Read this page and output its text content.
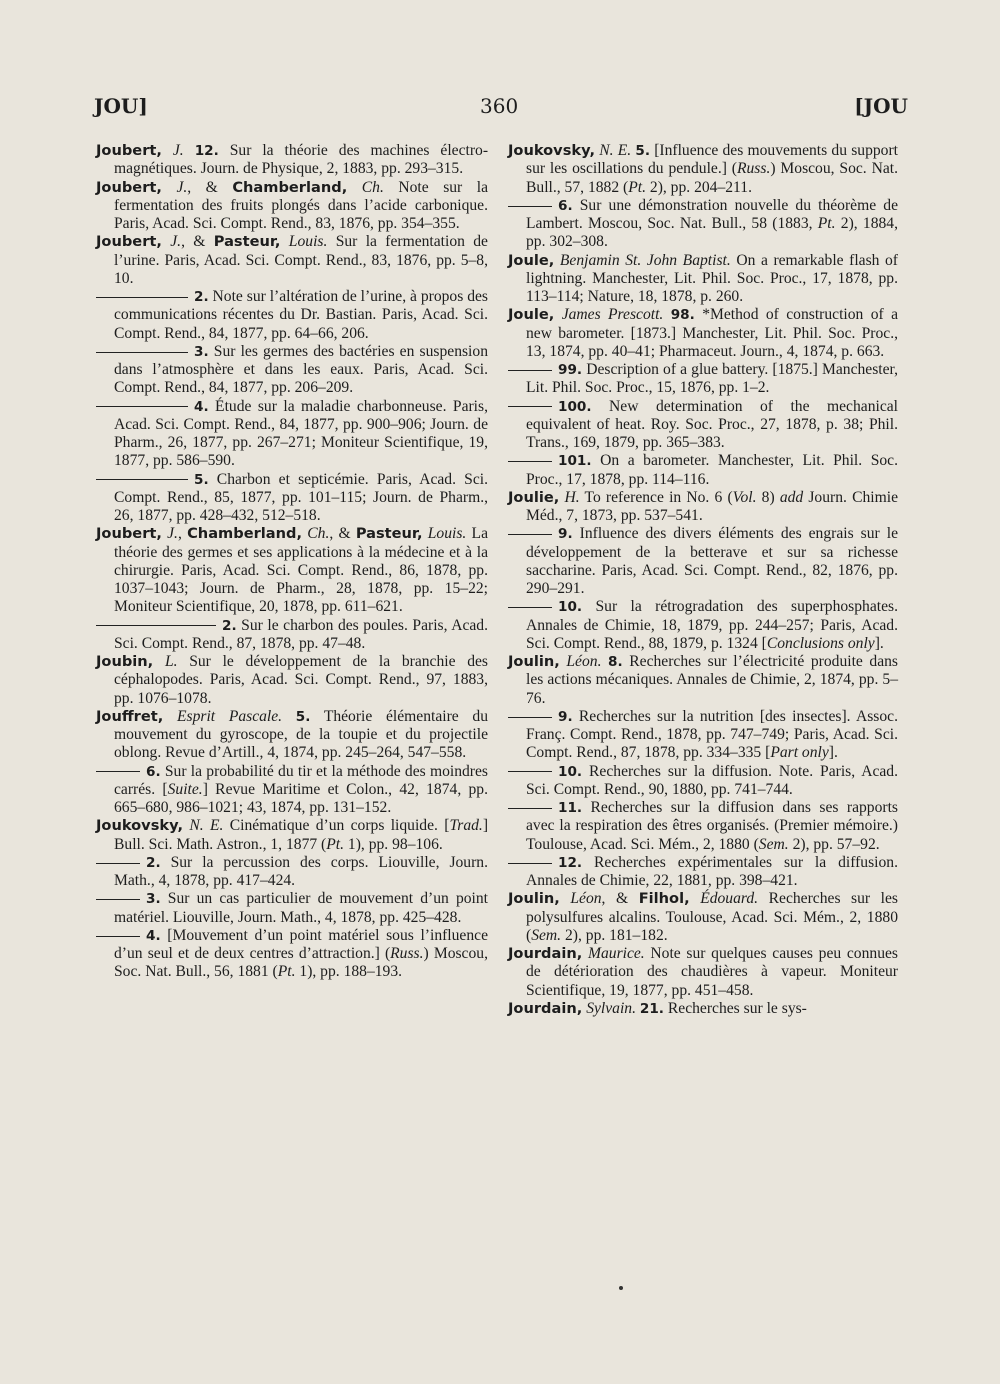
JOU]	360	[JOU

Joubert, J. 12. Sur la théorie des machines électro-magnétiques. Journ. de Physique, 2, 1883, pp. 293–315.

Joubert, J., & Chamberland, Ch. Note sur la fermentation des fruits plongés dans l’acide carbonique. Paris, Acad. Sci. Compt. Rend., 83, 1876, pp. 354–355.

Joubert, J., & Pasteur, Louis. Sur la fermentation de l’urine. Paris, Acad. Sci. Compt. Rend., 83, 1876, pp. 5–8, 10.

2. Note sur l’altération de l’urine, à propos des communications récentes du Dr. Bastian. Paris, Acad. Sci. Compt. Rend., 84, 1877, pp. 64–66, 206.

3. Sur les germes des bactéries en suspension dans l’atmosphère et dans les eaux. Paris, Acad. Sci. Compt. Rend., 84, 1877, pp. 206–209.

4. Étude sur la maladie charbonneuse. Paris, Acad. Sci. Compt. Rend., 84, 1877, pp. 900–906; Journ. de Pharm., 26, 1877, pp. 267–271; Moniteur Scientifique, 19, 1877, pp. 586–590.

5. Charbon et septicémie. Paris, Acad. Sci. Compt. Rend., 85, 1877, pp. 101–115; Journ. de Pharm., 26, 1877, pp. 428–432, 512–518.

Joubert, J., Chamberland, Ch., & Pasteur, Louis. La théorie des germes et ses applications à la médecine et à la chirurgie. Paris, Acad. Sci. Compt. Rend., 86, 1878, pp. 1037–1043; Journ. de Pharm., 28, 1878, pp. 15–22; Moniteur Scientifique, 20, 1878, pp. 611–621.

2. Sur le charbon des poules. Paris, Acad. Sci. Compt. Rend., 87, 1878, pp. 47–48.

Joubin, L. Sur le développement de la branchie des céphalopodes. Paris, Acad. Sci. Compt. Rend., 97, 1883, pp. 1076–1078.

Jouffret, Esprit Pascale. 5. Théorie élémentaire du mouvement du gyroscope, de la toupie et du projectile oblong. Revue d’Artill., 4, 1874, pp. 245–264, 547–558.

6. Sur la probabilité du tir et la méthode des moindres carrés. [Suite.] Revue Maritime et Colon., 42, 1874, pp. 665–680, 986–1021; 43, 1874, pp. 131–152.

Joukovsky, N. E. Cinématique d’un corps liquide. [Trad.] Bull. Sci. Math. Astron., 1, 1877 (Pt. 1), pp. 98–106.

2. Sur la percussion des corps. Liouville, Journ. Math., 4, 1878, pp. 417–424.

3. Sur un cas particulier de mouvement d’un point matériel. Liouville, Journ. Math., 4, 1878, pp. 425–428.

4. [Mouvement d’un point matériel sous l’influence d’un seul et de deux centres d’attraction.] (Russ.) Moscou, Soc. Nat. Bull., 56, 1881 (Pt. 1), pp. 188–193.

Joukovsky, N. E. 5. [Influence des mouvements du support sur les oscillations du pendule.] (Russ.) Moscou, Soc. Nat. Bull., 57, 1882 (Pt. 2), pp. 204–211.

6. Sur une démonstration nouvelle du théorème de Lambert. Moscou, Soc. Nat. Bull., 58 (1883, Pt. 2), 1884, pp. 302–308.

Joule, Benjamin St. John Baptist. On a remarkable flash of lightning. Manchester, Lit. Phil. Soc. Proc., 17, 1878, pp. 113–114; Nature, 18, 1878, p. 260.

Joule, James Prescott. 98. *Method of construction of a new barometer. [1873.] Manchester, Lit. Phil. Soc. Proc., 13, 1874, pp. 40–41; Pharmaceut. Journ., 4, 1874, p. 663.

99. Description of a glue battery. [1875.] Manchester, Lit. Phil. Soc. Proc., 15, 1876, pp. 1–2.

100. New determination of the mechanical equivalent of heat. Roy. Soc. Proc., 27, 1878, p. 38; Phil. Trans., 169, 1879, pp. 365–383.

101. On a barometer. Manchester, Lit. Phil. Soc. Proc., 17, 1878, pp. 114–116.

Joulie, H. To reference in No. 6 (Vol. 8) add Journ. Chimie Méd., 7, 1873, pp. 537–541.

9. Influence des divers éléments des engrais sur le développement de la betterave et sur sa richesse saccharine. Paris, Acad. Sci. Compt. Rend., 82, 1876, pp. 290–291.

10. Sur la rétrogradation des superphosphates. Annales de Chimie, 18, 1879, pp. 244–257; Paris, Acad. Sci. Compt. Rend., 88, 1879, p. 1324 [Conclusions only].

Joulin, Léon. 8. Recherches sur l’électricité produite dans les actions mécaniques. Annales de Chimie, 2, 1874, pp. 5–76.

9. Recherches sur la nutrition [des insectes]. Assoc. Franç. Compt. Rend., 1878, pp. 747–749; Paris, Acad. Sci. Compt. Rend., 87, 1878, pp. 334–335 [Part only].

10. Recherches sur la diffusion. Note. Paris, Acad. Sci. Compt. Rend., 90, 1880, pp. 741–744.

11. Recherches sur la diffusion dans ses rapports avec la respiration des êtres organisés. (Premier mémoire.) Toulouse, Acad. Sci. Mém., 2, 1880 (Sem. 2), pp. 57–92.

12. Recherches expérimentales sur la diffusion. Annales de Chimie, 22, 1881, pp. 398–421.

Joulin, Léon, & Filhol, Édouard. Recherches sur les polysulfures alcalins. Toulouse, Acad. Sci. Mém., 2, 1880 (Sem. 2), pp. 181–182.

Jourdain, Maurice. Note sur quelques causes peu connues de détérioration des chaudières à vapeur. Moniteur Scientifique, 19, 1877, pp. 451–458.

Jourdain, Sylvain. 21. Recherches sur le sys-
